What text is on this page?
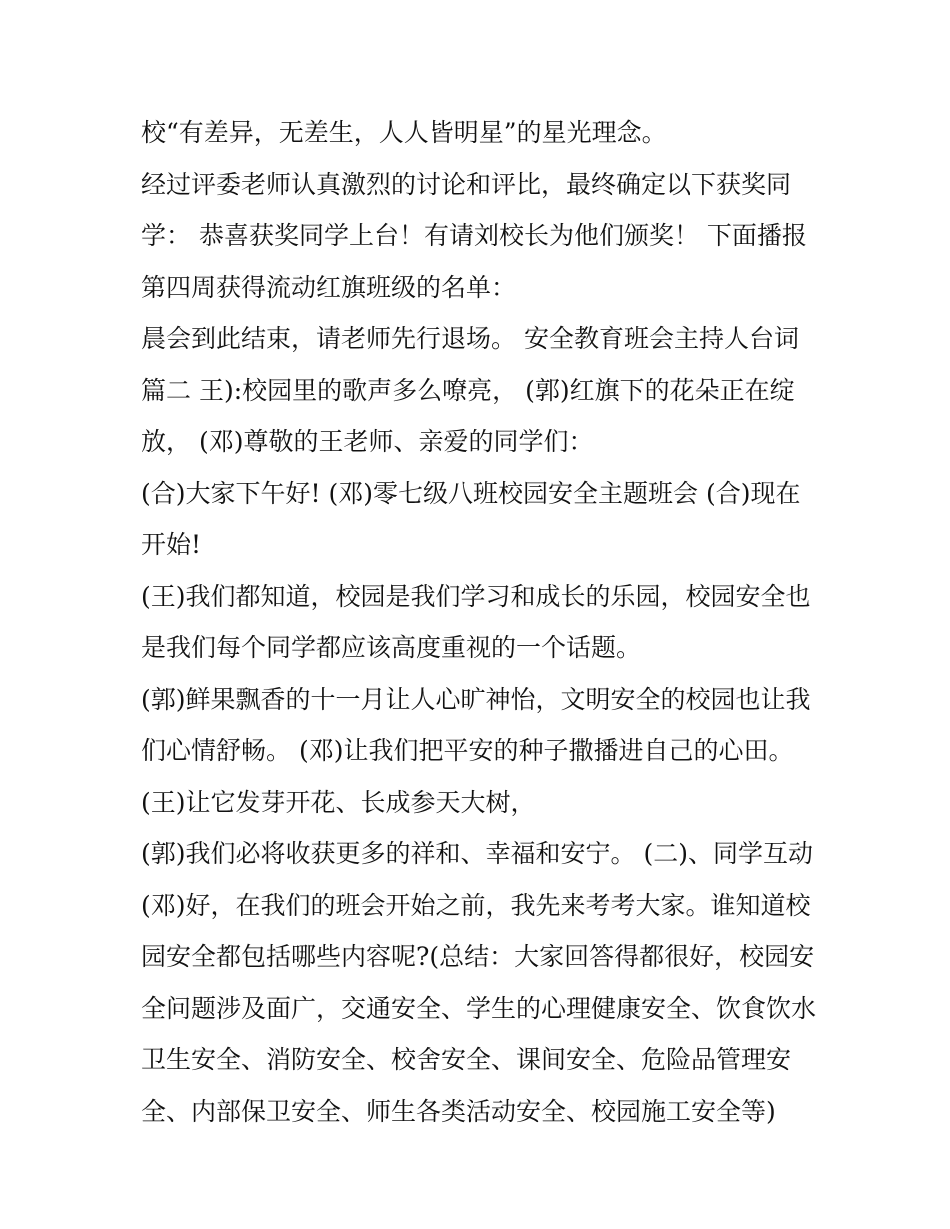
校“有差异，无差生，人人皆明星”的星光理念。
经过评委老师认真激烈的讨论和评比，最终确定以下获奖同
学： 恭喜获奖同学上台！有请刘校长为他们颁奖！ 下面播报
第四周获得流动红旗班级的名单：
晨会到此结束，请老师先行退场。 安全教育班会主持人台词
篇二 王):校园里的歌声多么嘹亮， (郭)红旗下的花朵正在绽
放， (邓)尊敬的王老师、亲爱的同学们：
(合)大家下午好! (邓)零七级八班校园安全主题班会 (合)现在
开始!
(王)我们都知道，校园是我们学习和成长的乐园，校园安全也
是我们每个同学都应该高度重视的一个话题。
(郭)鲜果飘香的十一月让人心旷神怡，文明安全的校园也让我
们心情舒畅。 (邓)让我们把平安的种子撒播进自己的心田。
(王)让它发芽开花、长成参天大树，
(郭)我们必将收获更多的祥和、幸福和安宁。 (二)、同学互动
(邓)好，在我们的班会开始之前，我先来考考大家。谁知道校
园安全都包括哪些内容呢?(总结：大家回答得都很好，校园安
全问题涉及面广，交通安全、学生的心理健康安全、饮食饮水
卫生安全、消防安全、校舍安全、课间安全、危险品管理安
全、内部保卫安全、师生各类活动安全、校园施工安全等)
